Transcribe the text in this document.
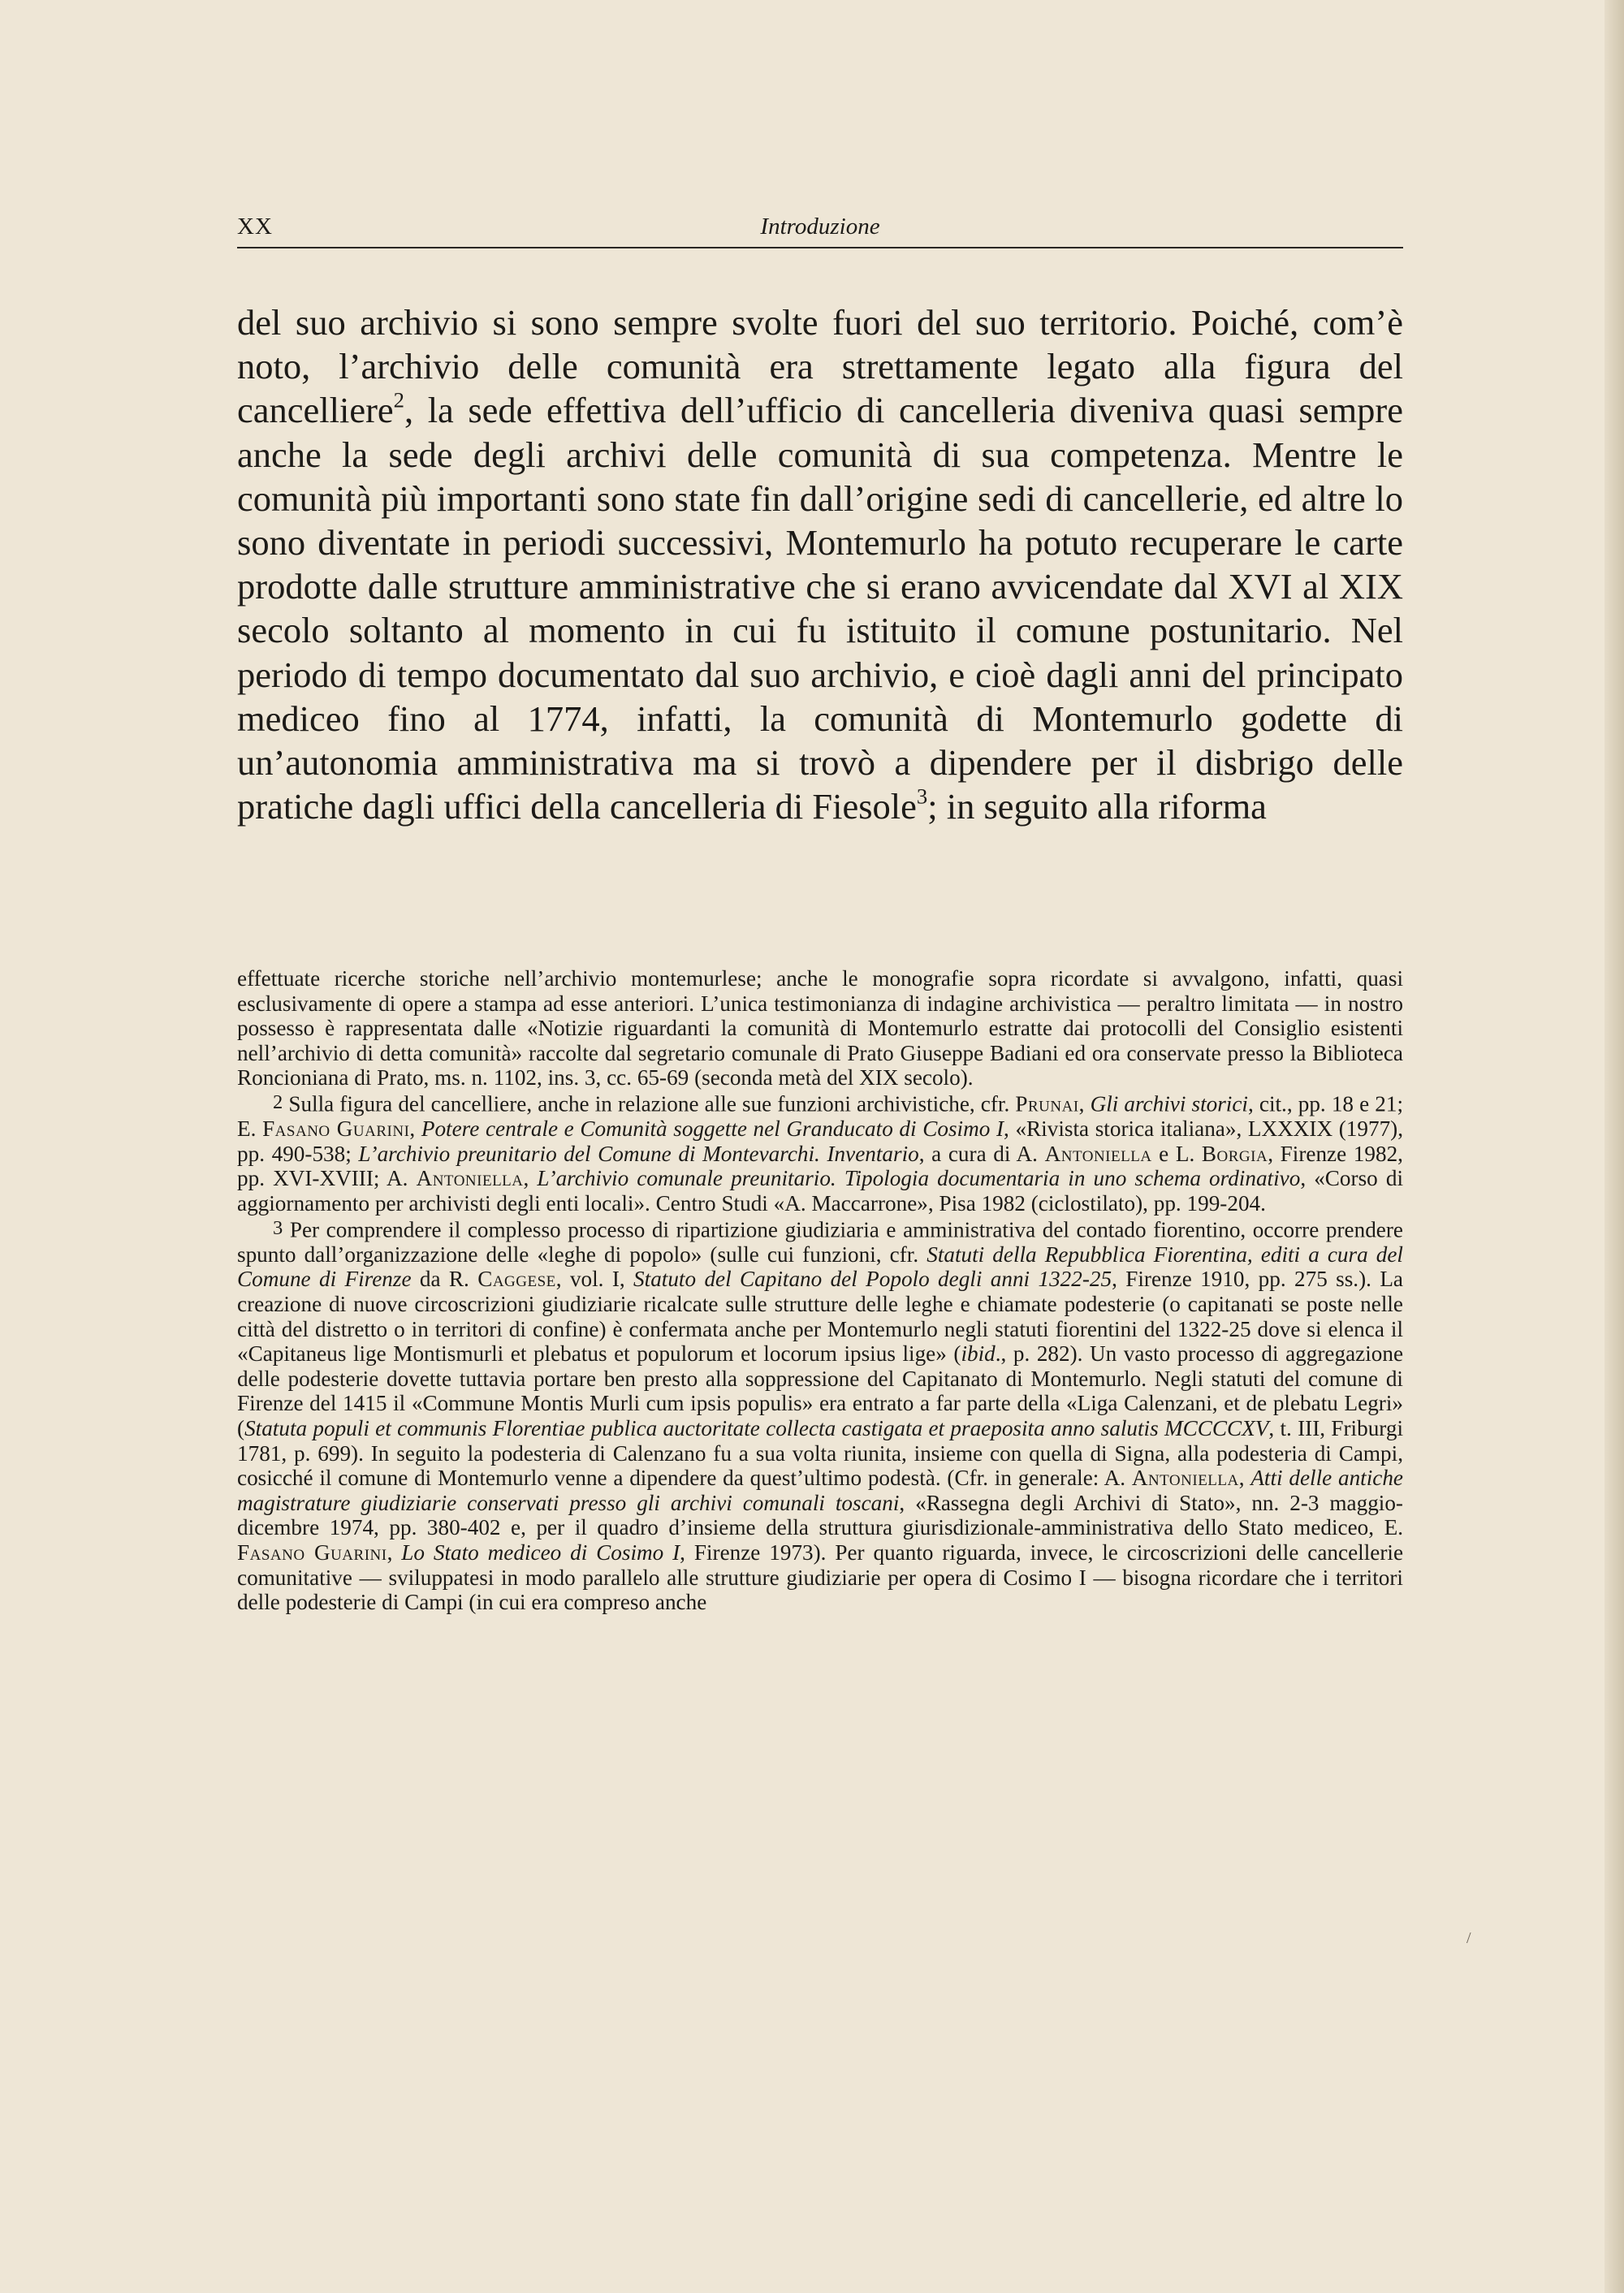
XX	Introduzione

del suo archivio si sono sempre svolte fuori del suo territorio. Poiché, com’è noto, l’archivio delle comunità era strettamente legato alla figura del cancelliere$^2$, la sede effettiva dell’ufficio di cancelleria diveniva quasi sempre anche la sede degli archivi delle comunità di sua competenza. Mentre le comunità più importanti sono state fin dall’origine sedi di cancellerie, ed altre lo sono diventate in periodi successivi, Montemurlo ha potuto recuperare le carte prodotte dalle strutture amministrative che si erano avvicendate dal XVI al XIX secolo soltanto al momento in cui fu istituito il comune postunitario. Nel periodo di tempo documentato dal suo archivio, e cioè dagli anni del principato mediceo fino al 1774, infatti, la comunità di Montemurlo godette di un’autonomia amministrativa ma si trovò a dipendere per il disbrigo delle pratiche dagli uffici della cancelleria di Fiesole$^3$; in seguito alla riforma

effettuate ricerche storiche nell’archivio montemurlese; anche le monografie sopra ricordate si avvalgono, infatti, quasi esclusivamente di opere a stampa ad esse anteriori. L’unica testimonianza di indagine archivistica — peraltro limitata — in nostro possesso è rappresentata dalle «Notizie riguardanti la comunità di Montemurlo estratte dai protocolli del Consiglio esistenti nell’archivio di detta comunità» raccolte dal segretario comunale di Prato Giuseppe Badiani ed ora conservate presso la Biblioteca Roncioniana di Prato, ms. n. 1102, ins. 3, cc. 65-69 (seconda metà del XIX secolo).

2 Sulla figura del cancelliere, anche in relazione alle sue funzioni archivistiche, cfr. Prunai, Gli archivi storici, cit., pp. 18 e 21; E. Fasano Guarini, Potere centrale e Comunità soggette nel Granducato di Cosimo I, «Rivista storica italiana», LXXXIX (1977), pp. 490-538; L’archivio preunitario del Comune di Montevarchi. Inventario, a cura di A. Antoniella e L. Borgia, Firenze 1982, pp. XVI-XVIII; A. Antoniella, L’archivio comunale preunitario. Tipologia documentaria in uno schema ordinativo, «Corso di aggiornamento per archivisti degli enti locali». Centro Studi «A. Maccarrone», Pisa 1982 (ciclostilato), pp. 199-204.

3 Per comprendere il complesso processo di ripartizione giudiziaria e amministrativa del contado fiorentino, occorre prendere spunto dall’organizzazione delle «leghe di popolo» (sulle cui funzioni, cfr. Statuti della Repubblica Fiorentina, editi a cura del Comune di Firenze da R. Caggese, vol. I, Statuto del Capitano del Popolo degli anni 1322-25, Firenze 1910, pp. 275 ss.). La creazione di nuove circoscrizioni giudiziarie ricalcate sulle strutture delle leghe e chiamate podesterie (o capitanati se poste nelle città del distretto o in territori di confine) è confermata anche per Montemurlo negli statuti fiorentini del 1322-25 dove si elenca il «Capitaneus lige Montismurli et plebatus et populorum et locorum ipsius lige» (ibid., p. 282). Un vasto processo di aggregazione delle podesterie dovette tuttavia portare ben presto alla soppressione del Capitanato di Montemurlo. Negli statuti del comune di Firenze del 1415 il «Commune Montis Murli cum ipsis populis» era entrato a far parte della «Liga Calenzani, et de plebatu Legri» (Statuta populi et communis Florentiae publica auctoritate collecta castigata et praeposita anno salutis MCCCCXV, t. III, Friburgi 1781, p. 699). In seguito la podesteria di Calenzano fu a sua volta riunita, insieme con quella di Signa, alla podesteria di Campi, cosicché il comune di Montemurlo venne a dipendere da quest’ultimo podestà. (Cfr. in generale: A. Antoniella, Atti delle antiche magistrature giudiziarie conservati presso gli archivi comunali toscani, «Rassegna degli Archivi di Stato», nn. 2-3 maggio-dicembre 1974, pp. 380-402 e, per il quadro d’insieme della struttura giurisdizionale-amministrativa dello Stato mediceo, E. Fasano Guarini, Lo Stato mediceo di Cosimo I, Firenze 1973). Per quanto riguarda, invece, le circoscrizioni delle cancellerie comunitative — sviluppatesi in modo parallelo alle strutture giudiziarie per opera di Cosimo I — bisogna ricordare che i territori delle podesterie di Campi (in cui era compreso anche

/
